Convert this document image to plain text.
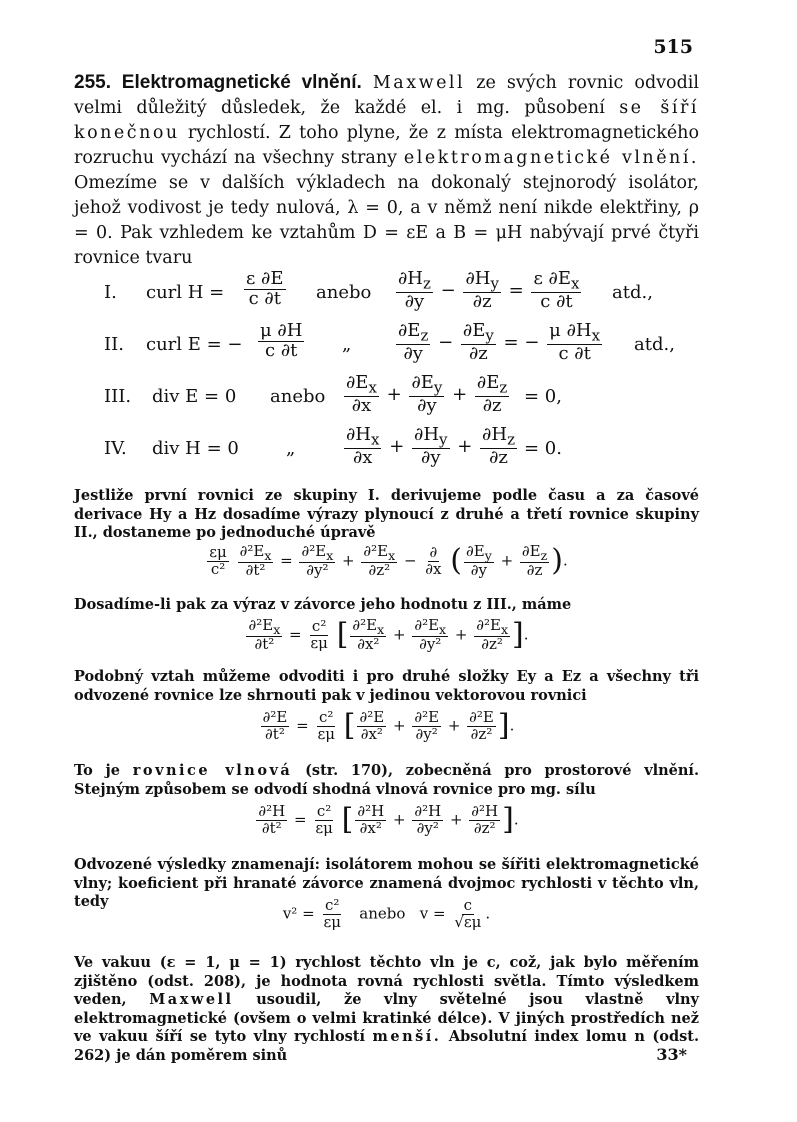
515
255. Elektromagnetické vlnění. Maxwell ze svých rovnic odvodil velmi důležitý důsledek, že každé el. i mg. působení se šíří konečnou rychlostí. Z toho plyne, že z místa elektromagnetického rozruchu vychází na všechny strany elektromagnetické vlnění. Omezíme se v dalších výkladech na dokonalý stejnorodý isolátor, jehož vodivost je tedy nulová, λ = 0, a v němž není nikde elektřiny, ρ = 0. Pak vzhledem ke vztahům D = εE a B = μH nabývají prvé čtyři rovnice tvaru
I. curl $H = \frac{\varepsilon \partial E}{c \partial t}$ anebo $\frac{\partial H_z}{\partial y} - \frac{\partial H_y}{\partial z} = \frac{\varepsilon \partial E_x}{c \partial t}$ atd.,
II. curl E = − $\frac{\mu \partial H}{c \partial t}$ „ $\frac{\partial E_z}{\partial y} - \frac{\partial E_y}{\partial z}$ = − $\frac{\mu \partial H_x}{c \partial t}$ atd.,
III. div E = 0 anebo $\frac{\partial E_x}{\partial x} + \frac{\partial E_y}{\partial y} + \frac{\partial E_z}{\partial z} = 0$,
IV. div H = 0	„	$\frac{\partial H_x}{\partial x} + \frac{\partial H_y}{\partial y} + \frac{\partial H_z}{\partial z} = 0$.
Jestliže první rovnici ze skupiny I. derivujeme podle času a za časové derivace Hy a Hz dosadíme výrazy plynoucí z druhé a třetí rovnice skupiny II., dostaneme po jednoduché úpravě
$\frac{\varepsilon\mu}{\text{c²}}$
$\frac{\partial^2E_x}{\text{∂t²}} = \frac{\partial^2E_x}{\text{∂y²}} + \frac{\partial^2E_x}{\text{∂z²}} - \frac{\partial}{\partial x}$ ( $\frac{\partial E_y}{\partial y} + \frac{\partial E_z}{\partial z}$ ).
Dosadíme-li pak za výraz v závorce jeho hodnotu z III., máme
$\frac{\partial^2E_x}{\text{∂t²}} = \frac{\text{c²}}{\varepsilon\mu}$ [ $\frac{\partial^2E_x}{\text{∂x²}} + \frac{\partial^2E_x}{\text{∂y²}} + \frac{\partial^2E_x}{\text{∂z²}}$ ].
Podobný vztah můžeme odvoditi i pro druhé složky Ey a Ez a všechny tři odvozené rovnice lze shrnouti pak v jedinou vektorovou rovnici
$\frac{\text{∂²E}}{\text{∂t²}} = \frac{\text{c²}}{\varepsilon\mu}$ [ $\frac{\text{∂²E}}{\text{∂x²}} + \frac{\text{∂²E}}{\text{∂y²}} + \frac{\text{∂²E}}{\text{∂z²}}$ ].
To je rovnice vlnová (str. 170), zobecněná pro prostorové vlnění. Stejným způsobem se odvodí shodná vlnová rovnice pro mg. sílu
$\frac{\text{∂²H}}{\text{∂t²}} = \frac{\text{c²}}{\varepsilon\mu}$ [ $\frac{\text{∂²H}}{\text{∂x²}} + \frac{\text{∂²H}}{\text{∂y²}} + \frac{\text{∂²H}}{\text{∂z²}}$ ].
Odvozené výsledky znamenají: isolátorem mohou se šířiti elektromagnetické vlny; koeficient při hranaté závorce znamená dvojmoc rychlosti v těchto vln, tedy
$v^2 = \frac{\text{c²}}{\varepsilon\mu}$ anebo $v = \frac{c}{√\varepsilon\mu}$ .
Ve vakuu (ε = 1, μ = 1) rychlost těchto vln je c, což, jak bylo měřením zjištěno (odst. 208), je hodnota rovná rychlosti světla. Tímto výsledkem veden, Maxwell usoudil, že vlny světelné jsou vlastně vlny elektromagnetické (ovšem o velmi kratinké délce). V jiných prostředích než ve vakuu šíří se tyto vlny rychlostí menší. Absolutní index lomu n (odst. 262) je dán poměrem sinů	33*
